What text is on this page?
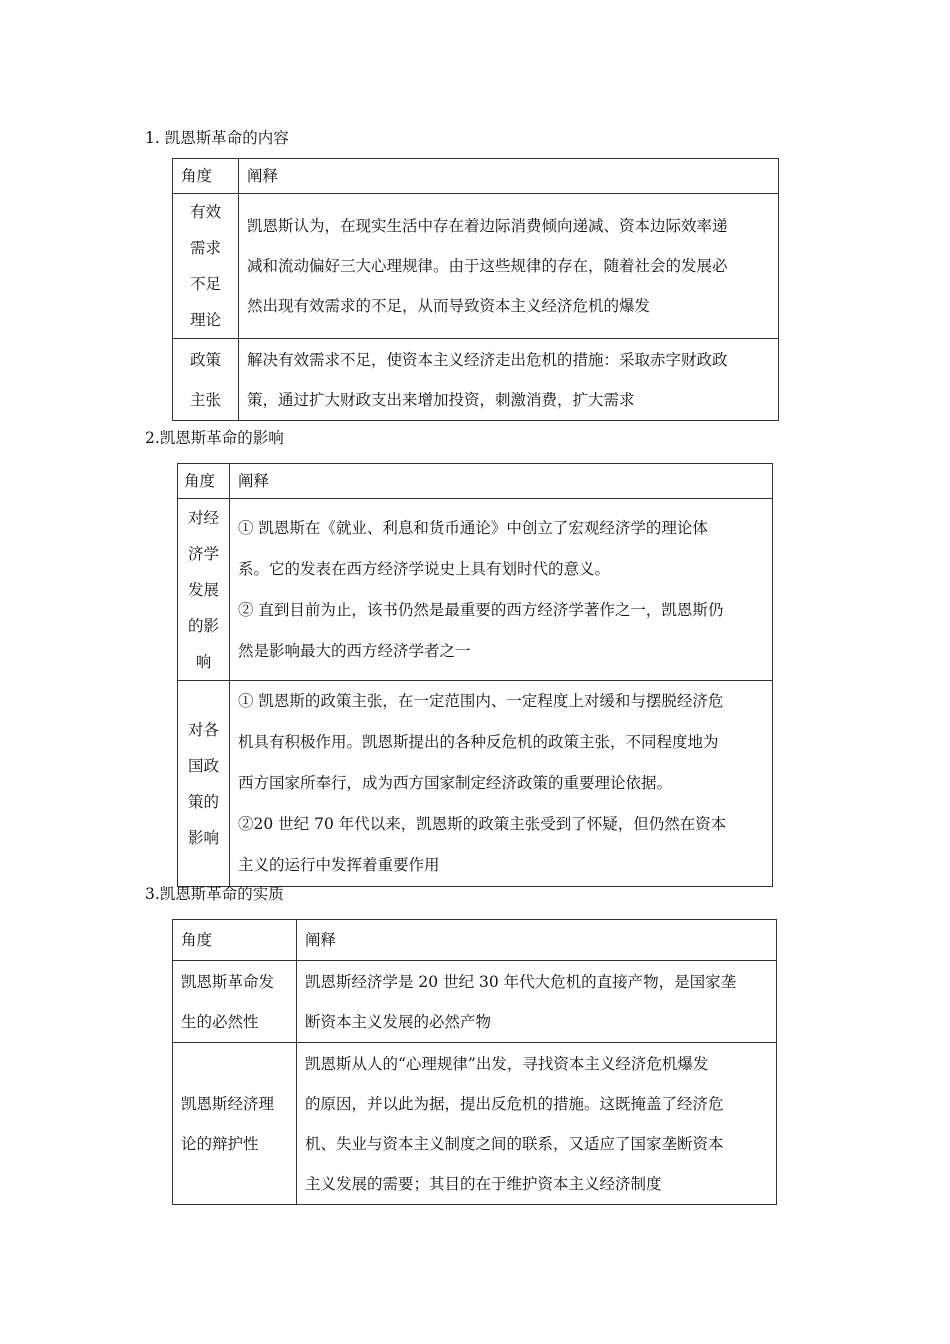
1. 凯恩斯革命的内容
角度	阐释

有效
需求
不足
理论	凯恩斯认为，在现实生活中存在着边际消费倾向递减、资本边际效率递
减和流动偏好三大心理规律。由于这些规律的存在，随着社会的发展必
然出现有效需求的不足，从而导致资本主义经济危机的爆发

政策
主张	解决有效需求不足，使资本主义经济走出危机的措施：采取赤字财政政
策，通过扩大财政支出来增加投资，刺激消费，扩大需求
2.凯恩斯革命的影响
角度	阐释

对经
济学
发展
的影
响	① 凯恩斯在《就业、利息和货币通论》中创立了宏观经济学的理论体
系。它的发表在西方经济学说史上具有划时代的意义。
② 直到目前为止，该书仍然是最重要的西方经济学著作之一，凯恩斯仍
然是影响最大的西方经济学者之一

对各
国政
策的
影响	① 凯恩斯的政策主张，在一定范围内、一定程度上对缓和与摆脱经济危
机具有积极作用。凯恩斯提出的各种反危机的政策主张，不同程度地为
西方国家所奉行，成为西方国家制定经济政策的重要理论依据。
②20 世纪 70 年代以来，凯恩斯的政策主张受到了怀疑，但仍然在资本
主义的运行中发挥着重要作用
3.凯恩斯革命的实质
角度	阐释

凯恩斯革命发
生的必然性	凯恩斯经济学是 20 世纪 30 年代大危机的直接产物，是国家垄
断资本主义发展的必然产物

凯恩斯经济理
论的辩护性	凯恩斯从人的“心理规律”出发，寻找资本主义经济危机爆发
的原因，并以此为据，提出反危机的措施。这既掩盖了经济危
机、失业与资本主义制度之间的联系，又适应了国家垄断资本
主义发展的需要；其目的在于维护资本主义经济制度
